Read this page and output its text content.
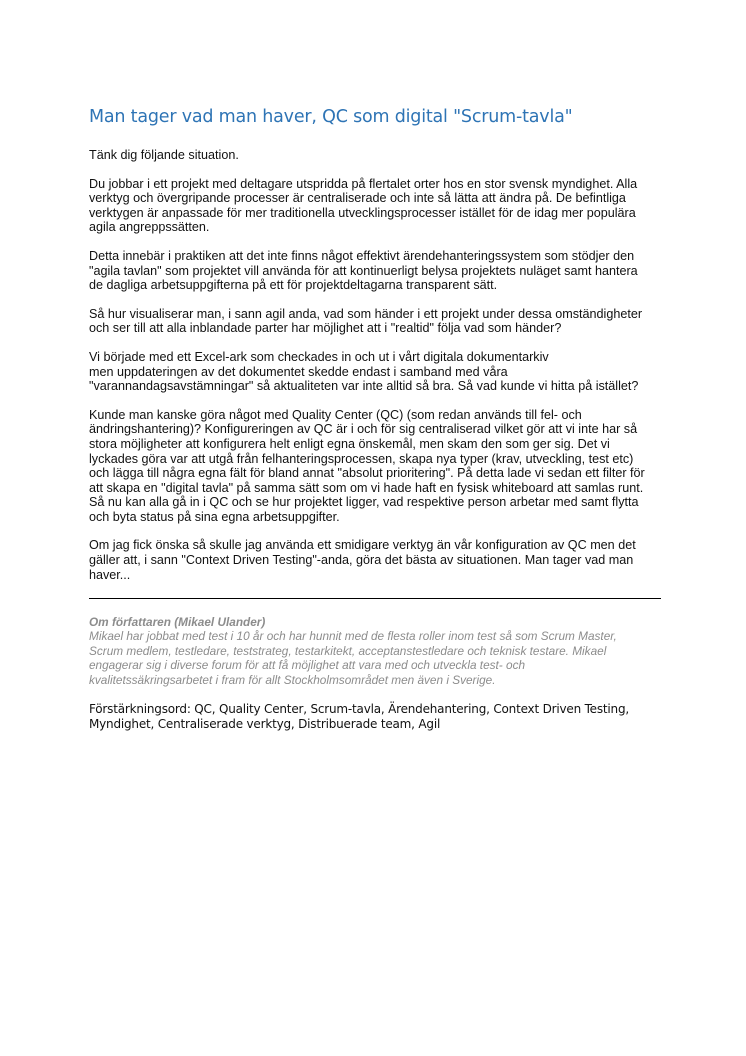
Man tager vad man haver, QC som digital "Scrum-tavla"

Tänk dig följande situation.

Du jobbar i ett projekt med deltagare utspridda på flertalet orter hos en stor svensk myndighet. Alla
verktyg och övergripande processer är centraliserade och inte så lätta att ändra på. De befintliga
verktygen är anpassade för mer traditionella utvecklingsprocesser istället för de idag mer populära
agila angreppssätten.

Detta innebär i praktiken att det inte finns något effektivt ärendehanteringssystem som stödjer den
"agila tavlan" som projektet vill använda för att kontinuerligt belysa projektets nuläget samt hantera
de dagliga arbetsuppgifterna på ett för projektdeltagarna transparent sätt.

Så hur visualiserar man, i sann agil anda, vad som händer i ett projekt under dessa omständigheter
och ser till att alla inblandade parter har möjlighet att i "realtid" följa vad som händer?

Vi började med ett Excel-ark som checkades in och ut i vårt digitala dokumentarkiv
men uppdateringen av det dokumentet skedde endast i samband med våra
"varannandagsavstämningar" så aktualiteten var inte alltid så bra. Så vad kunde vi hitta på istället?

Kunde man kanske göra något med Quality Center (QC) (som redan används till fel- och
ändringshantering)? Konfigureringen av QC är i och för sig centraliserad vilket gör att vi inte har så
stora möjligheter att konfigurera helt enligt egna önskemål, men skam den som ger sig. Det vi
lyckades göra var att utgå från felhanteringsprocessen, skapa nya typer (krav, utveckling, test etc)
och lägga till några egna fält för bland annat "absolut prioritering". På detta lade vi sedan ett filter för
att skapa en "digital tavla" på samma sätt som om vi hade haft en fysisk whiteboard att samlas runt.
Så nu kan alla gå in i QC och se hur projektet ligger, vad respektive person arbetar med samt flytta
och byta status på sina egna arbetsuppgifter.

Om jag fick önska så skulle jag använda ett smidigare verktyg än vår konfiguration av QC men det
gäller att, i sann "Context Driven Testing"-anda, göra det bästa av situationen. Man tager vad man
haver...

Om författaren (Mikael Ulander)

Mikael har jobbat med test i 10 år och har hunnit med de flesta roller inom test så som Scrum Master,
Scrum medlem, testledare, teststrateg, testarkitekt, acceptanstestledare och teknisk testare. Mikael
engagerar sig i diverse forum för att få möjlighet att vara med och utveckla test- och
kvalitetssäkringsarbetet i fram för allt Stockholmsområdet men även i Sverige.

Förstärkningsord: QC, Quality Center, Scrum-tavla, Ärendehantering, Context Driven Testing,
Myndighet, Centraliserade verktyg, Distribuerade team, Agil
